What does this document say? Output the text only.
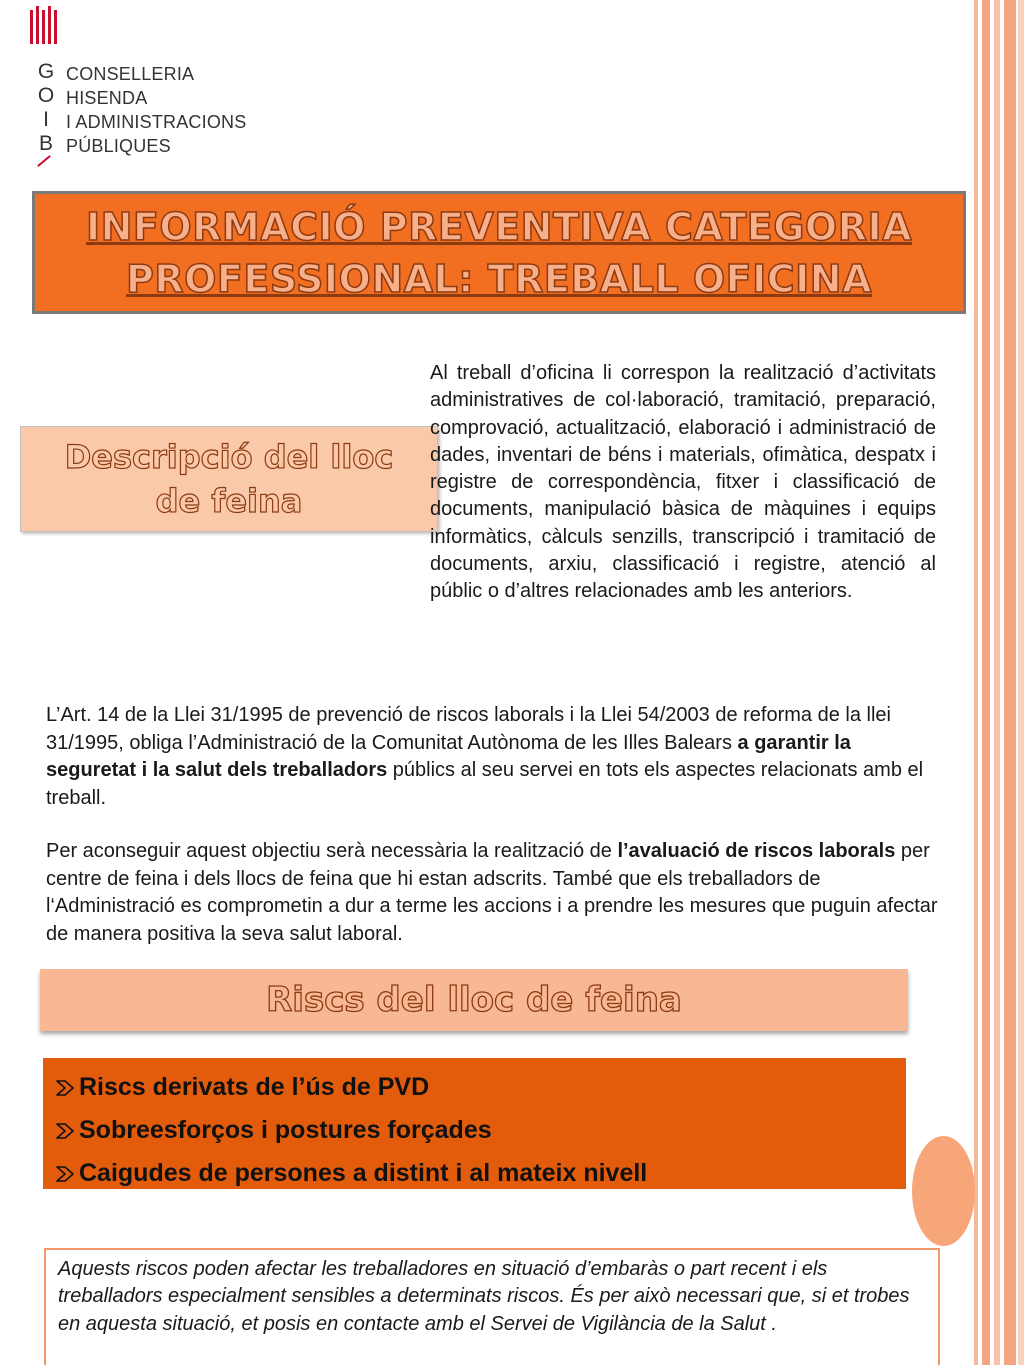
G
O
I
B
CONSELLERIA
HISENDA
I ADMINISTRACIONS
PÚBLIQUES
INFORMACIÓ PREVENTIVA CATEGORIA
PROFESSIONAL: TREBALL OFICINA
Descripció del lloc
de feina

Al treball d’oficina li correspon la realització d’activitats administratives de col·laboració, tramitació, preparació, comprovació, actualització, elaboració i administració de dades, inventari de béns i materials, ofimàtica, despatx i registre de correspondència, fitxer i classificació de documents, manipulació bàsica de màquines i equips informàtics, càlculs senzills, transcripció i tramitació de documents, arxiu, classificació i registre, atenció al públic o d’altres relacionades amb les anteriors.

L’Art. 14 de la Llei 31/1995 de prevenció de riscos laborals i la Llei 54/2003 de reforma de la llei 31/1995, obliga l’Administració de la Comunitat Autònoma de les Illes Balears a garantir la seguretat i la salut dels treballadors públics al seu servei en tots els aspectes relacionats amb el treball.

Per aconseguir aquest objectiu serà necessària la realització de l’avaluació de riscos laborals per centre de feina i dels llocs de feina que hi estan adscrits. També que els treballadors de l‘Administració es comprometin a dur a terme les accions i a prendre les mesures que puguin afectar de manera positiva la seva salut laboral.

Riscs del lloc de feina
Riscs derivats de l’ús de PVD
Sobreesforços i postures forçades
Caigudes de persones a distint i al mateix nivell

Aquests riscos poden afectar les treballadores en situació d’embaràs o part recent i els treballadors especialment sensibles a determinats riscos. És per això necessari que, si et trobes en aquesta situació, et posis en contacte amb el Servei de Vigilància de la Salut .
